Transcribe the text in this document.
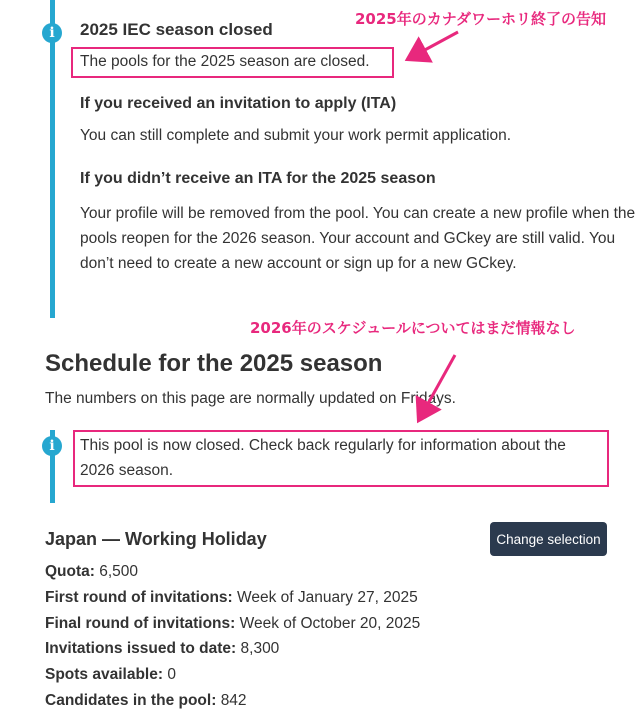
i	2025 IEC season closed
The pools for the 2025 season are closed.
If you received an invitation to apply (ITA)
You can still complete and submit your work permit application.
If you didn’t receive an ITA for the 2025 season
Your profile will be removed from the pool. You can create a new profile when the pools reopen for the 2026 season. Your account and GCkey are still valid. You don’t need to create a new account or sign up for a new GCkey.
2025年のカナダワーホリ終了の告知
Schedule for the 2025 season
The numbers on this page are normally updated on Fridays.
2026年のスケジュールについてはまだ情報なし
i	This pool is now closed. Check back regularly for information about the 2026 season.
Japan — Working Holiday	Change selection
Quota: 6,500
First round of invitations: Week of January 27, 2025
Final round of invitations: Week of October 20, 2025
Invitations issued to date: 8,300
Spots available: 0
Candidates in the pool: 842
